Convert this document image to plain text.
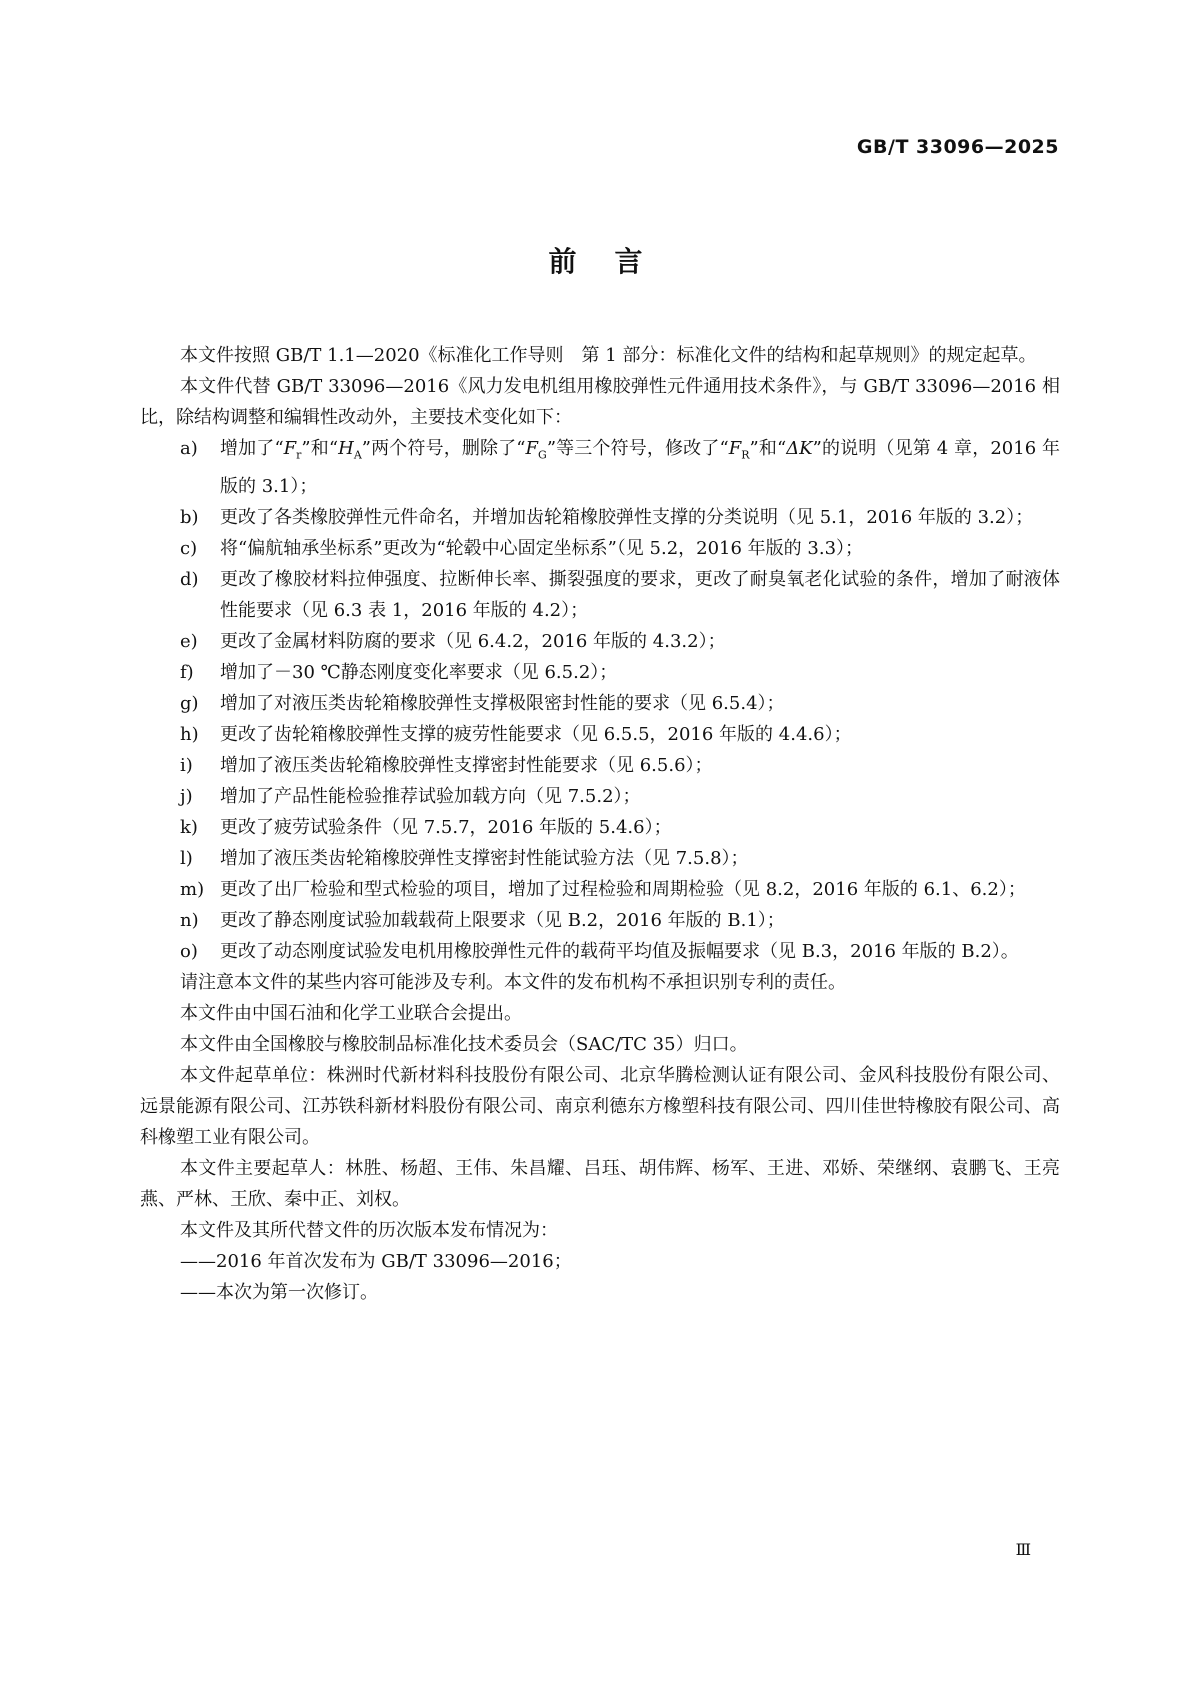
GB/T 33096—2025
前言

本文件按照 GB/T 1.1—2020《标准化工作导则　第 1 部分：标准化文件的结构和起草规则》的规定起草。

本文件代替 GB/T 33096—2016《风力发电机组用橡胶弹性元件通用技术条件》，与 GB/T 33096—2016 相比，除结构调整和编辑性改动外，主要技术变化如下：

a) 增加了“$F_r$”和“$H_A$”两个符号，删除了“$F_G$”等三个符号，修改了“$F_R$”和“ΔK”的说明（见第 4 章，2016 年版的 3.1）；
b) 更改了各类橡胶弹性元件命名，并增加齿轮箱橡胶弹性支撑的分类说明（见 5.1，2016 年版的 3.2）；
c) 将“偏航轴承坐标系”更改为“轮毂中心固定坐标系”（见 5.2，2016 年版的 3.3）；
d) 更改了橡胶材料拉伸强度、拉断伸长率、撕裂强度的要求，更改了耐臭氧老化试验的条件，增加了耐液体性能要求（见 6.3 表 1，2016 年版的 4.2）；
e) 更改了金属材料防腐的要求（见 6.4.2，2016 年版的 4.3.2）；
f) 增加了－30 ℃静态刚度变化率要求（见 6.5.2）；
g) 增加了对液压类齿轮箱橡胶弹性支撑极限密封性能的要求（见 6.5.4）；
h) 更改了齿轮箱橡胶弹性支撑的疲劳性能要求（见 6.5.5，2016 年版的 4.4.6）；
i) 增加了液压类齿轮箱橡胶弹性支撑密封性能要求（见 6.5.6）；
j) 增加了产品性能检验推荐试验加载方向（见 7.5.2）；
k) 更改了疲劳试验条件（见 7.5.7，2016 年版的 5.4.6）；
l) 增加了液压类齿轮箱橡胶弹性支撑密封性能试验方法（见 7.5.8）；
m) 更改了出厂检验和型式检验的项目，增加了过程检验和周期检验（见 8.2，2016 年版的 6.1、6.2）；
n) 更改了静态刚度试验加载载荷上限要求（见 B.2，2016 年版的 B.1）；
o) 更改了动态刚度试验发电机用橡胶弹性元件的载荷平均值及振幅要求（见 B.3，2016 年版的 B.2）。

请注意本文件的某些内容可能涉及专利。本文件的发布机构不承担识别专利的责任。

本文件由中国石油和化学工业联合会提出。

本文件由全国橡胶与橡胶制品标准化技术委员会（SAC/TC 35）归口。

本文件起草单位：株洲时代新材料科技股份有限公司、北京华腾检测认证有限公司、金风科技股份有限公司、远景能源有限公司、江苏铁科新材料股份有限公司、南京利德东方橡塑科技有限公司、四川佳世特橡胶有限公司、高科橡塑工业有限公司。

本文件主要起草人：林胜、杨超、王伟、朱昌耀、吕珏、胡伟辉、杨军、王进、邓娇、荣继纲、袁鹏飞、王亮燕、严林、王欣、秦中正、刘权。

本文件及其所代替文件的历次版本发布情况为：

——2016 年首次发布为 GB/T 33096—2016；
——本次为第一次修订。
Ⅲ
